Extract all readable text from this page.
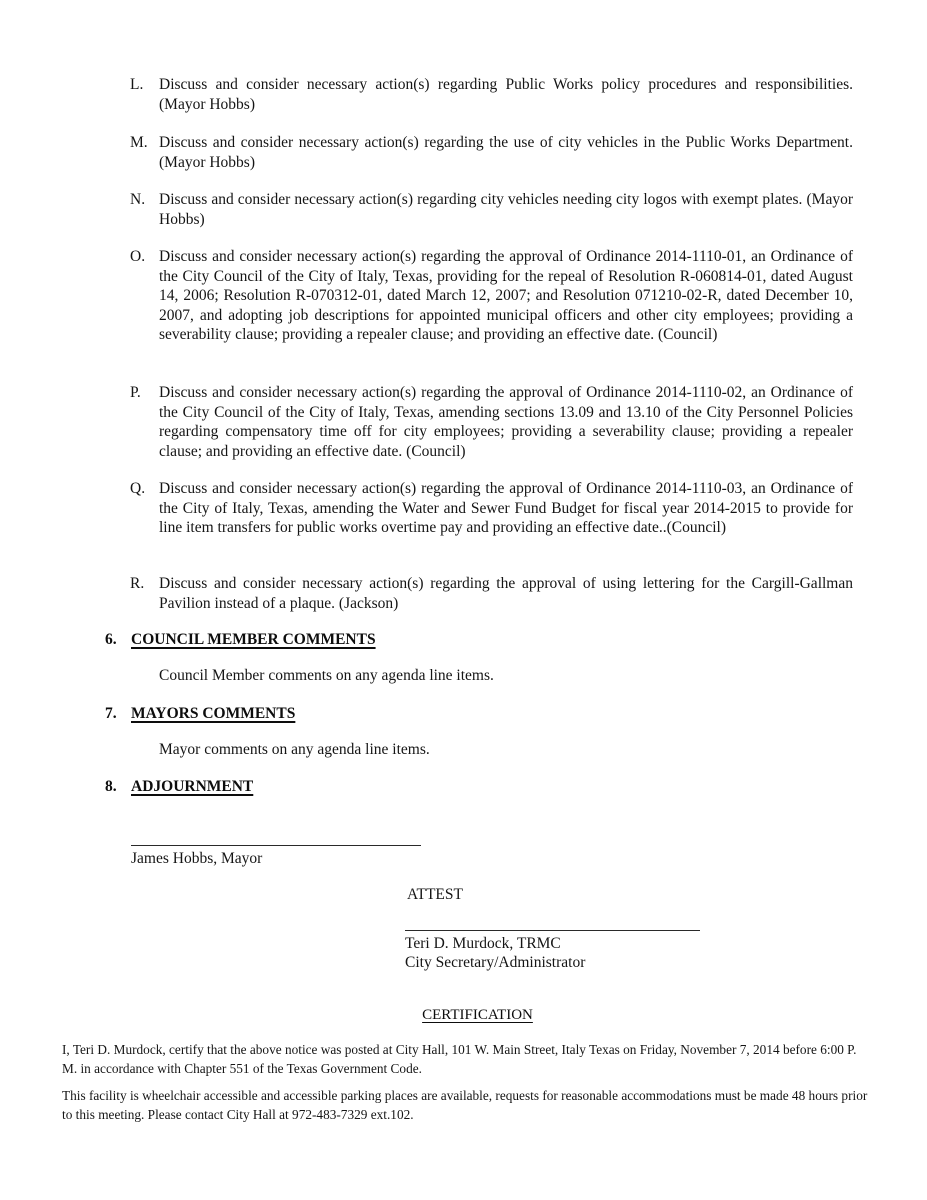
L. Discuss and consider necessary action(s) regarding Public Works policy procedures and responsibilities. (Mayor Hobbs)
M. Discuss and consider necessary action(s) regarding the use of city vehicles in the Public Works Department. (Mayor Hobbs)
N. Discuss and consider necessary action(s) regarding city vehicles needing city logos with exempt plates. (Mayor Hobbs)
O. Discuss and consider necessary action(s) regarding the approval of Ordinance 2014-1110-01, an Ordinance of the City Council of the City of Italy, Texas, providing for the repeal of Resolution R-060814-01, dated August 14, 2006; Resolution R-070312-01, dated March 12, 2007; and Resolution 071210-02-R, dated December 10, 2007, and adopting job descriptions for appointed municipal officers and other city employees; providing a severability clause; providing a repealer clause; and providing an effective date. (Council)
P. Discuss and consider necessary action(s) regarding the approval of Ordinance 2014-1110-02, an Ordinance of the City Council of the City of Italy, Texas, amending sections 13.09 and 13.10 of the City Personnel Policies regarding compensatory time off for city employees; providing a severability clause; providing a repealer clause; and providing an effective date. (Council)
Q. Discuss and consider necessary action(s) regarding the approval of Ordinance 2014-1110-03, an Ordinance of the City of Italy, Texas, amending the Water and Sewer Fund Budget for fiscal year 2014-2015 to provide for line item transfers for public works overtime pay and providing an effective date..(Council)
R. Discuss and consider necessary action(s) regarding the approval of using lettering for the Cargill-Gallman Pavilion instead of a plaque. (Jackson)
6. COUNCIL MEMBER COMMENTS
Council Member comments on any agenda line items.
7. MAYORS COMMENTS
Mayor comments on any agenda line items.
8. ADJOURNMENT
James Hobbs, Mayor
ATTEST
Teri D. Murdock, TRMC
City Secretary/Administrator
CERTIFICATION
I, Teri D. Murdock, certify that the above notice was posted at City Hall, 101 W. Main Street, Italy Texas on Friday, November 7, 2014 before 6:00 P. M. in accordance with Chapter 551 of the Texas Government Code.
This facility is wheelchair accessible and accessible parking places are available, requests for reasonable accommodations must be made 48 hours prior to this meeting. Please contact City Hall at 972-483-7329 ext.102.
